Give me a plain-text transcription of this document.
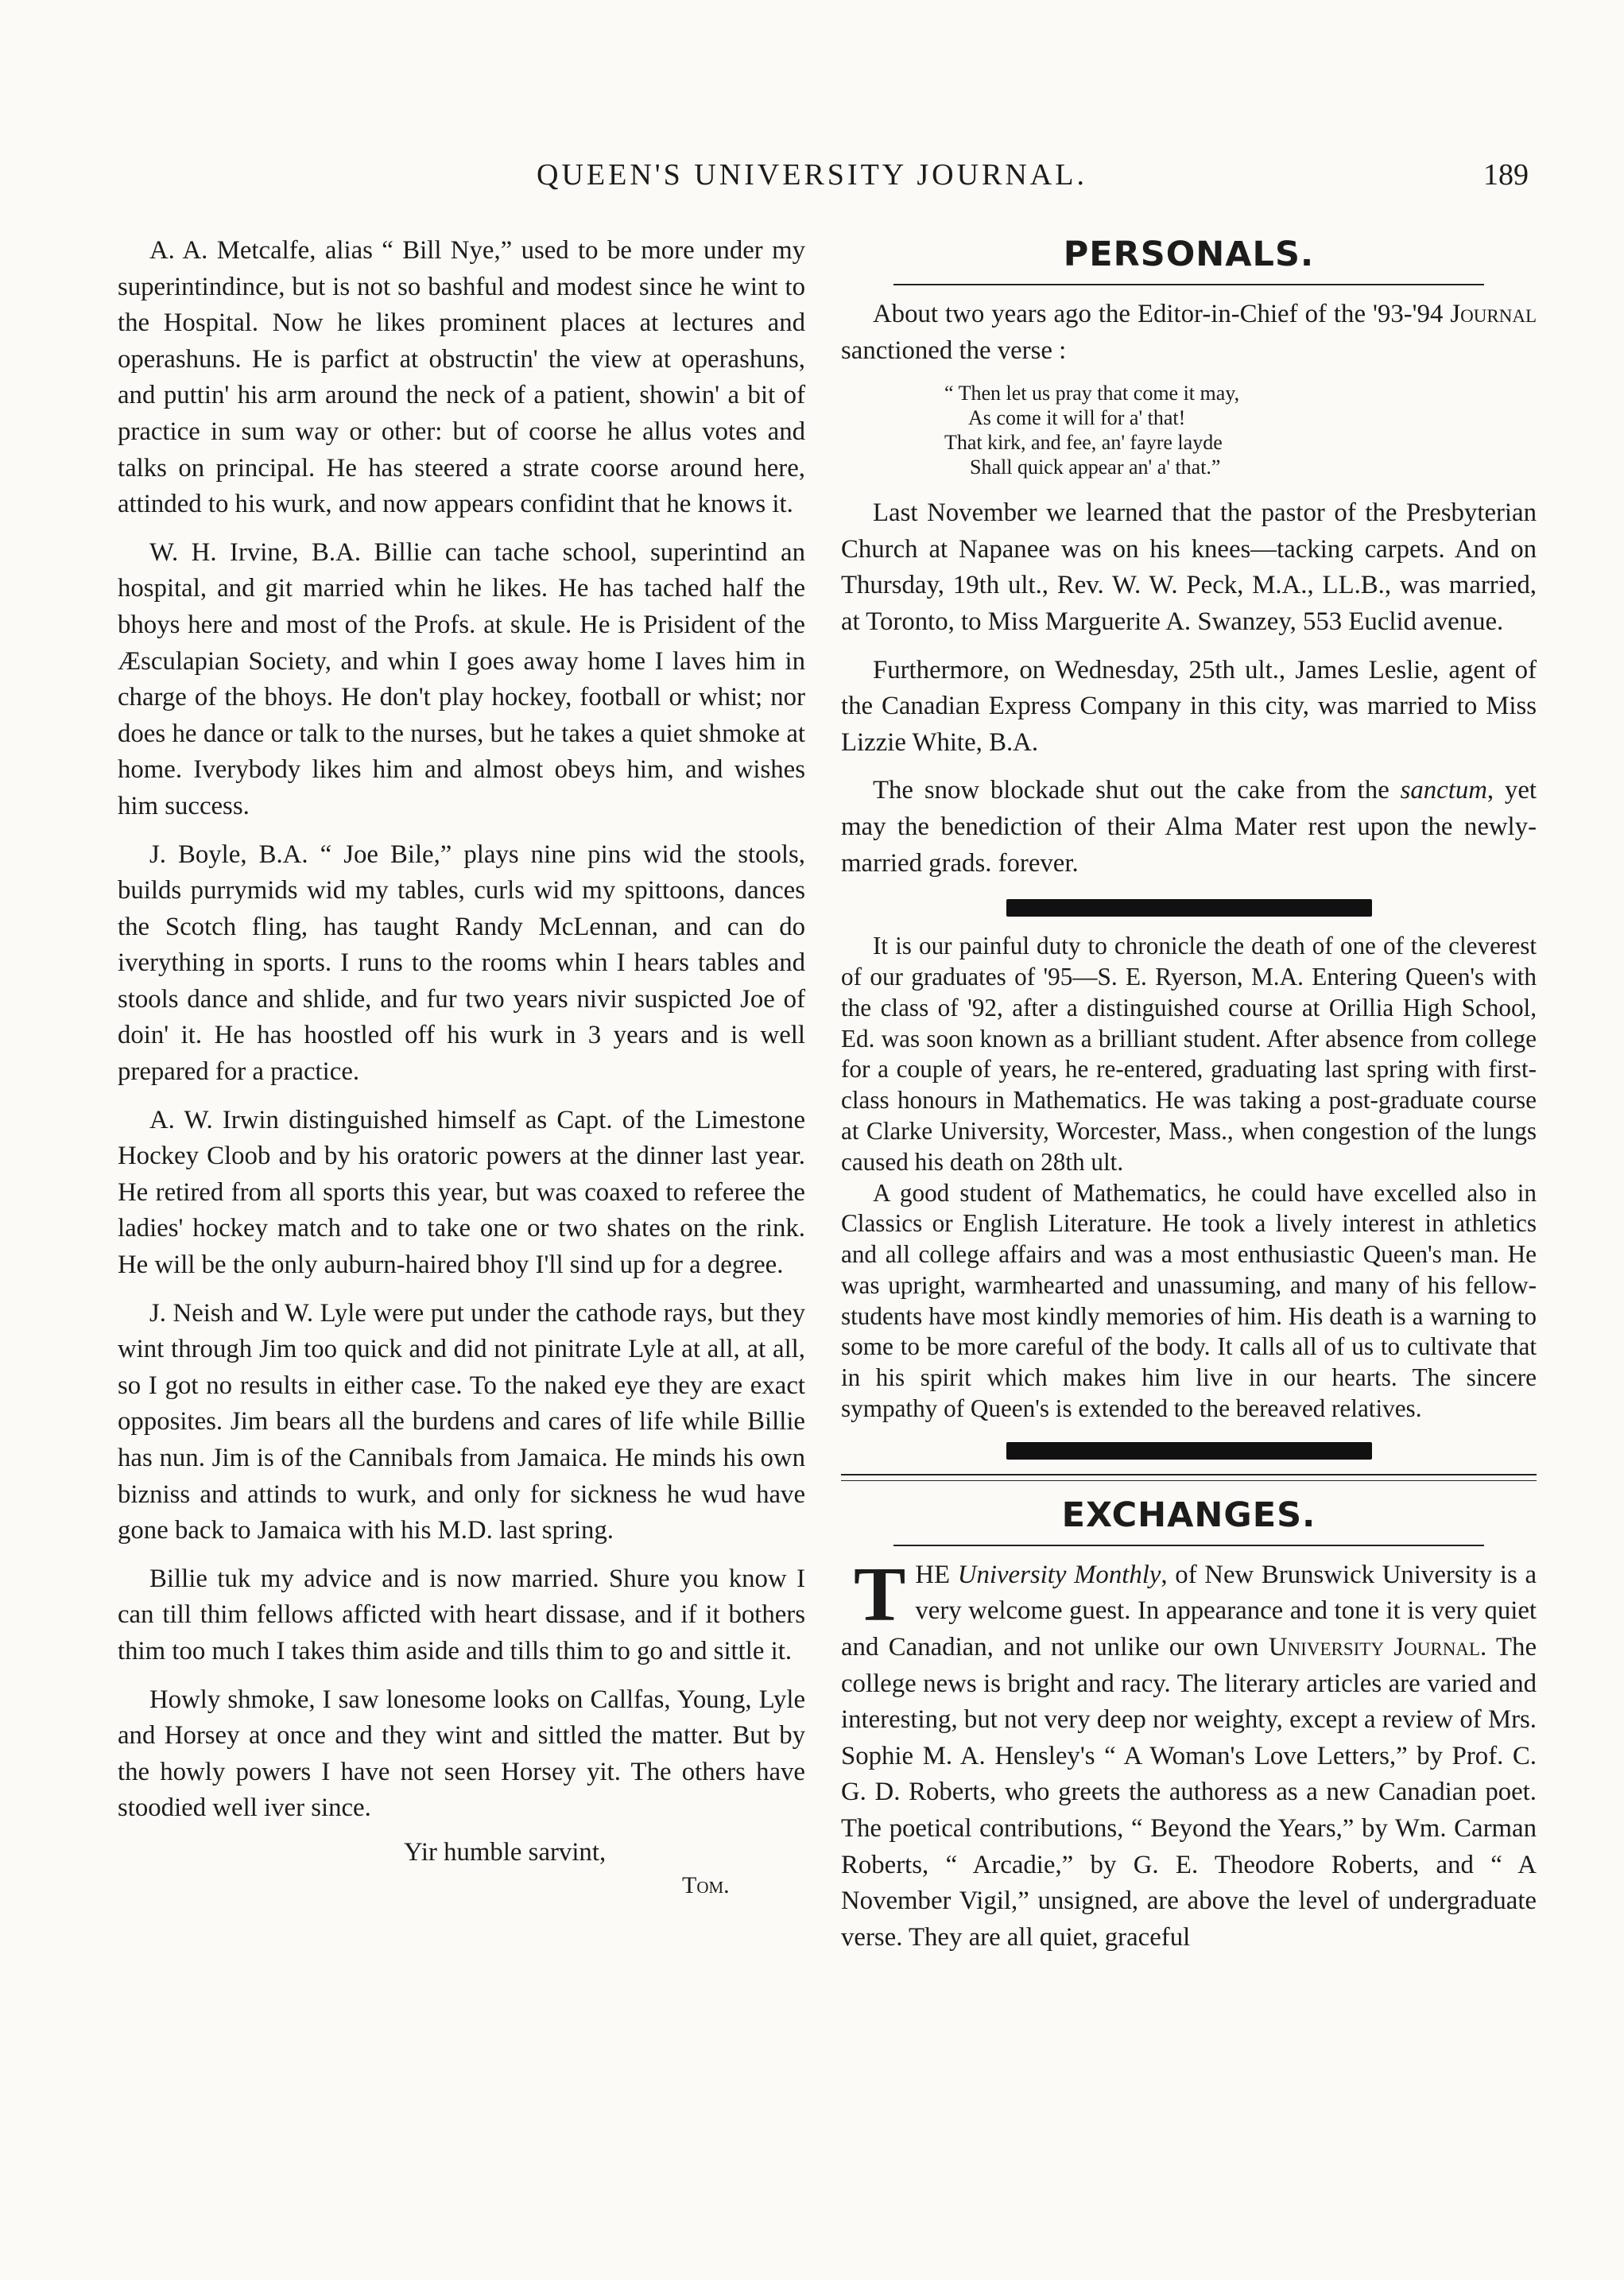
QUEEN'S UNIVERSITY JOURNAL.	189

A. A. Metcalfe, alias “ Bill Nye,” used to be more under my superintindince, but is not so bashful and modest since he wint to the Hospital. Now he likes prominent places at lectures and operashuns. He is parfict at obstructin' the view at operashuns, and puttin' his arm around the neck of a patient, showin' a bit of practice in sum way or other: but of coorse he allus votes and talks on principal. He has steered a strate coorse around here, attinded to his wurk, and now appears confidint that he knows it.

W. H. Irvine, B.A. Billie can tache school, superintind an hospital, and git married whin he likes. He has tached half the bhoys here and most of the Profs. at skule. He is Prisident of the Æsculapian Society, and whin I goes away home I laves him in charge of the bhoys. He don't play hockey, football or whist; nor does he dance or talk to the nurses, but he takes a quiet shmoke at home. Iverybody likes him and almost obeys him, and wishes him success.

J. Boyle, B.A. “ Joe Bile,” plays nine pins wid the stools, builds purrymids wid my tables, curls wid my spittoons, dances the Scotch fling, has taught Randy McLennan, and can do iverything in sports. I runs to the rooms whin I hears tables and stools dance and shlide, and fur two years nivir suspicted Joe of doin' it. He has hoostled off his wurk in 3 years and is well prepared for a practice.

A. W. Irwin distinguished himself as Capt. of the Limestone Hockey Cloob and by his oratoric powers at the dinner last year. He retired from all sports this year, but was coaxed to referee the ladies' hockey match and to take one or two shates on the rink. He will be the only auburn-haired bhoy I'll sind up for a degree.

J. Neish and W. Lyle were put under the cathode rays, but they wint through Jim too quick and did not pinitrate Lyle at all, at all, so I got no results in either case. To the naked eye they are exact opposites. Jim bears all the burdens and cares of life while Billie has nun. Jim is of the Cannibals from Jamaica. He minds his own bizniss and attinds to wurk, and only for sickness he wud have gone back to Jamaica with his M.D. last spring.

Billie tuk my advice and is now married. Shure you know I can till thim fellows afficted with heart dissase, and if it bothers thim too much I takes thim aside and tills thim to go and sittle it.

Howly shmoke, I saw lonesome looks on Callfas, Young, Lyle and Horsey at once and they wint and sittled the matter. But by the howly powers I have not seen Horsey yit. The others have stoodied well iver since.

Yir humble sarvint,
Tom.
PERSONALS.

About two years ago the Editor-in-Chief of the '93-'94 Journal sanctioned the verse :

“ Then let us pray that come it may,
As come it will for a' that!
That kirk, and fee, an' fayre layde
Shall quick appear an' a' that.”

Last November we learned that the pastor of the Presbyterian Church at Napanee was on his knees—tacking carpets. And on Thursday, 19th ult., Rev. W. W. Peck, M.A., LL.B., was married, at Toronto, to Miss Marguerite A. Swanzey, 553 Euclid avenue.

Furthermore, on Wednesday, 25th ult., James Leslie, agent of the Canadian Express Company in this city, was married to Miss Lizzie White, B.A.

The snow blockade shut out the cake from the sanctum, yet may the benediction of their Alma Mater rest upon the newly-married grads. forever.

It is our painful duty to chronicle the death of one of the cleverest of our graduates of '95—S. E. Ryerson, M.A. Entering Queen's with the class of '92, after a distinguished course at Orillia High School, Ed. was soon known as a brilliant student. After absence from college for a couple of years, he re-entered, graduating last spring with first-class honours in Mathematics. He was taking a post-graduate course at Clarke University, Worcester, Mass., when congestion of the lungs caused his death on 28th ult.

A good student of Mathematics, he could have excelled also in Classics or English Literature. He took a lively interest in athletics and all college affairs and was a most enthusiastic Queen's man. He was upright, warmhearted and unassuming, and many of his fellow-students have most kindly memories of him. His death is a warning to some to be more careful of the body. It calls all of us to cultivate that in his spirit which makes him live in our hearts. The sincere sympathy of Queen's is extended to the bereaved relatives.

EXCHANGES.

THE University Monthly, of New Brunswick University is a very welcome guest. In appearance and tone it is very quiet and Canadian, and not unlike our own University Journal. The college news is bright and racy. The literary articles are varied and interesting, but not very deep nor weighty, except a review of Mrs. Sophie M. A. Hensley's “ A Woman's Love Letters,” by Prof. C. G. D. Roberts, who greets the authoress as a new Canadian poet. The poetical contributions, “ Beyond the Years,” by Wm. Carman Roberts, “ Arcadie,” by G. E. Theodore Roberts, and “ A November Vigil,” unsigned, are above the level of undergraduate verse. They are all quiet, graceful
